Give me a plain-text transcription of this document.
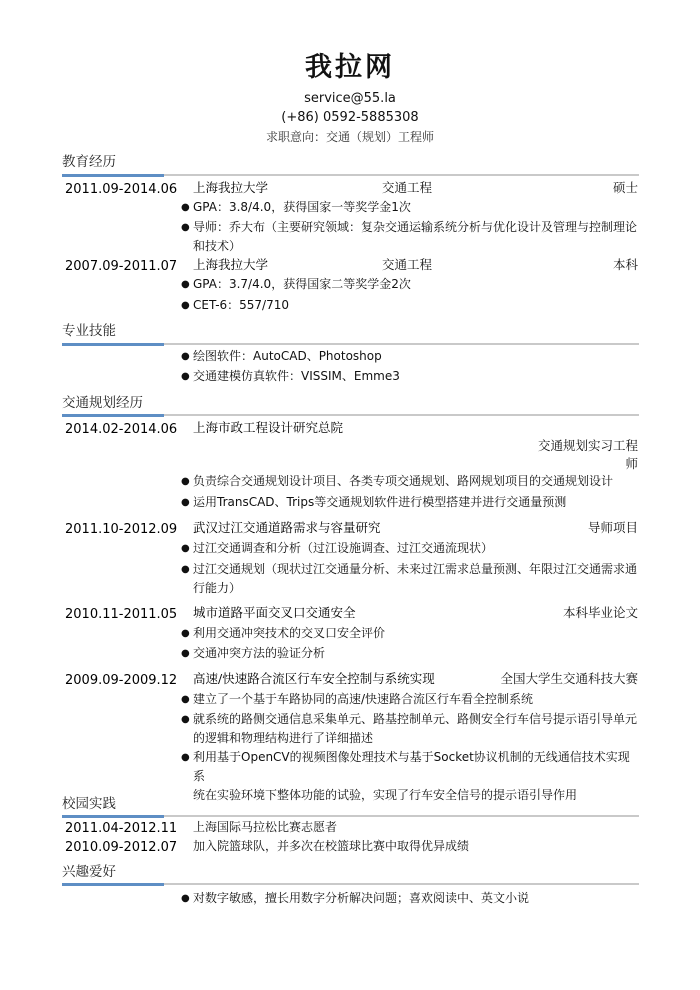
我拉网
service@55.la
(+86) 0592-5885308
求职意向：交通（规划）工程师
教育经历
2011.09-2014.06 上海我拉大学	交通工程	硕士
● GPA：3.8/4.0，获得国家一等奖学金1次
● 导师：乔大布（主要研究领域：复杂交通运输系统分析与优化设计及管理与控制理论
和技术）
2007.09-2011.07 上海我拉大学	交通工程	本科
● GPA：3.7/4.0，获得国家二等奖学金2次
● CET-6：557/710
专业技能
● 绘图软件：AutoCAD、Photoshop
● 交通建模仿真软件：VISSIM、Emme3
交通规划经历
2014.02-2014.06 上海市政工程设计研究总院
交通规划实习工程
师
● 负责综合交通规划设计项目、各类专项交通规划、路网规划项目的交通规划设计
● 运用TransCAD、Trips等交通规划软件进行模型搭建并进行交通量预测
2011.10-2012.09 武汉过江交通道路需求与容量研究	导师项目
● 过江交通调查和分析（过江设施调查、过江交通流现状）
● 过江交通规划（现状过江交通量分析、未来过江需求总量预测、年限过江交通需求通
行能力）
2010.11-2011.05 城市道路平面交叉口交通安全	本科毕业论文
● 利用交通冲突技术的交叉口安全评价
● 交通冲突方法的验证分析
2009.09-2009.12 高速/快速路合流区行车安全控制与系统实现	全国大学生交通科技大赛
● 建立了一个基于车路协同的高速/快速路合流区行车看全控制系统
● 就系统的路侧交通信息采集单元、路基控制单元、路侧安全行车信号提示语引导单元
的逻辑和物理结构进行了详细描述
● 利用基于OpenCV的视频图像处理技术与基于Socket协议机制的无线通信技术实现系
统在实验环境下整体功能的试验，实现了行车安全信号的提示语引导作用
校园实践
2011.04-2012.11 上海国际马拉松比赛志愿者
2010.09-2012.07 加入院篮球队，并多次在校篮球比赛中取得优异成绩
兴趣爱好
● 对数字敏感，擅长用数字分析解决问题；喜欢阅读中、英文小说
